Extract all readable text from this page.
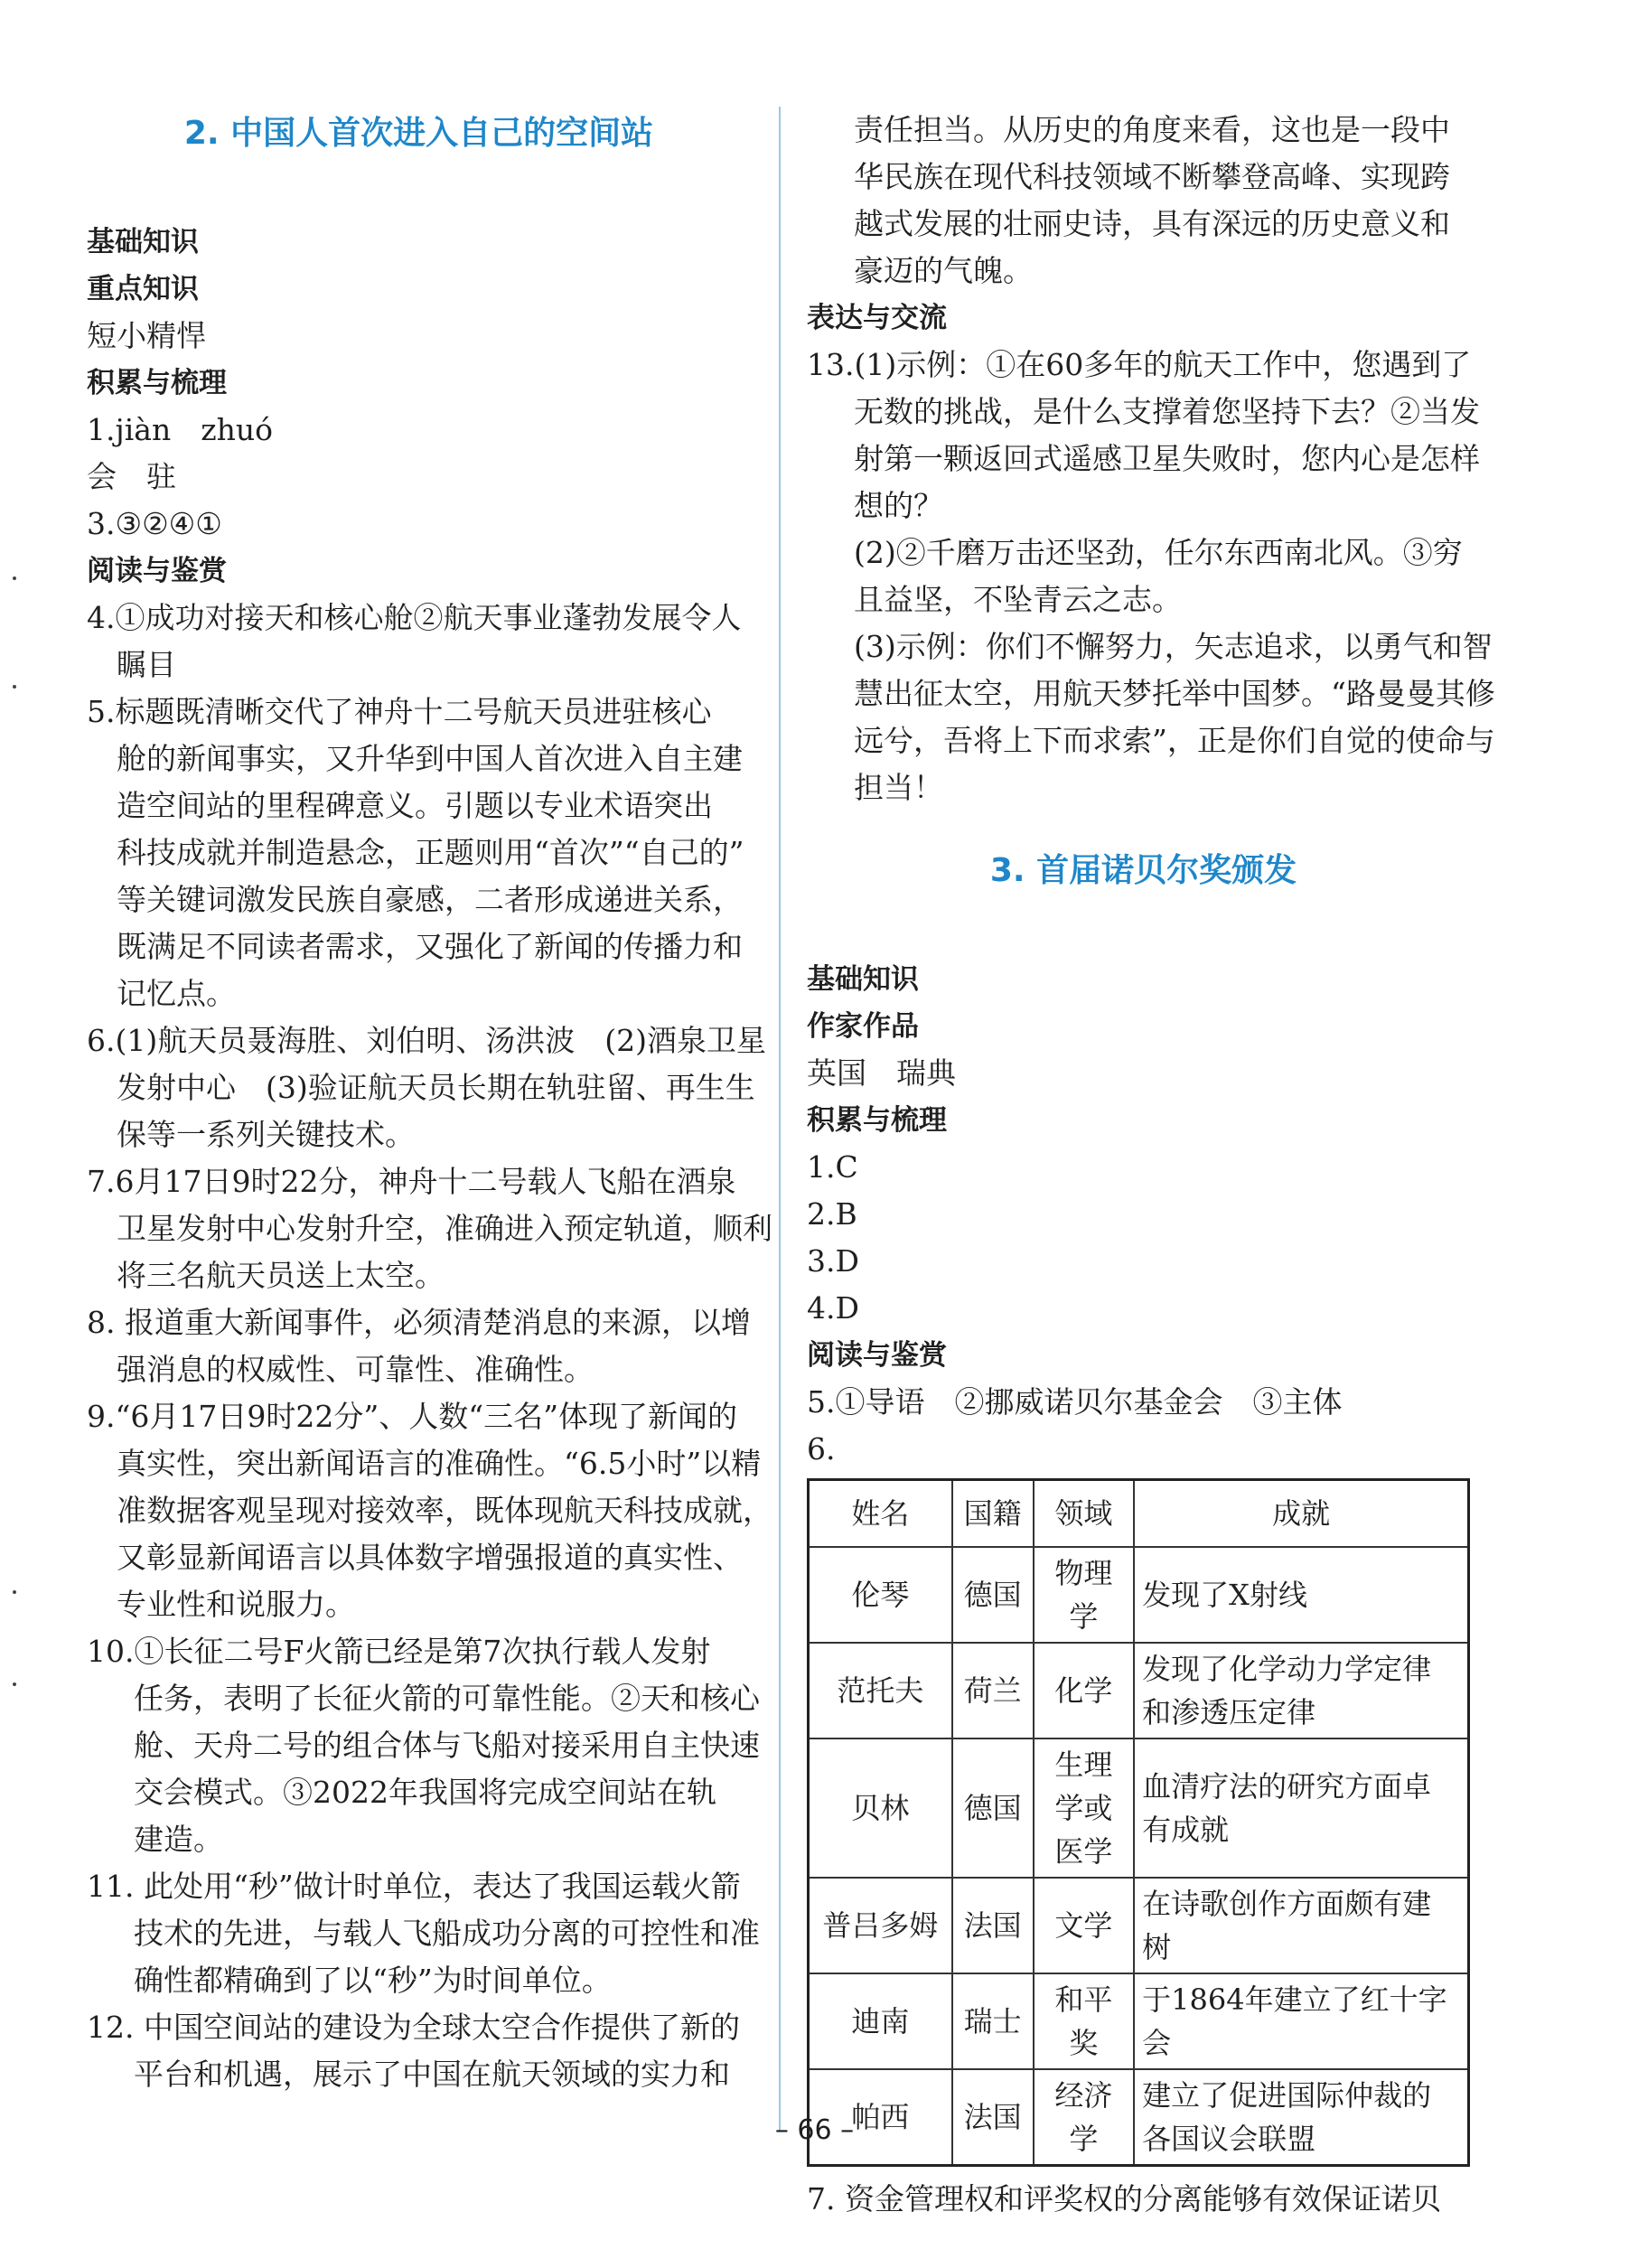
2. 中国人首次进入自己的空间站
基础知识
重点知识
短小精悍
积累与梳理
1.jiàn　zhuó
会　驻
3.③②④①
阅读与鉴赏
4.①成功对接天和核心舱②航天事业蓬勃发展令人
瞩目
5.标题既清晰交代了神舟十二号航天员进驻核心
舱的新闻事实，又升华到中国人首次进入自主建
造空间站的里程碑意义。引题以专业术语突出
科技成就并制造悬念，正题则用“首次”“自己的”
等关键词激发民族自豪感，二者形成递进关系，
既满足不同读者需求，又强化了新闻的传播力和
记忆点。
6.(1)航天员聂海胜、刘伯明、汤洪波　(2)酒泉卫星
发射中心　(3)验证航天员长期在轨驻留、再生生
保等一系列关键技术。
7.6月17日9时22分，神舟十二号载人飞船在酒泉
卫星发射中心发射升空，准确进入预定轨道，顺利
将三名航天员送上太空。
8. 报道重大新闻事件，必须清楚消息的来源，以增
强消息的权威性、可靠性、准确性。
9.“6月17日9时22分”、人数“三名”体现了新闻的
真实性，突出新闻语言的准确性。“6.5小时”以精
准数据客观呈现对接效率，既体现航天科技成就，
又彰显新闻语言以具体数字增强报道的真实性、
专业性和说服力。
10.①长征二号F火箭已经是第7次执行载人发射
任务，表明了长征火箭的可靠性能。②天和核心
舱、天舟二号的组合体与飞船对接采用自主快速
交会模式。③2022年我国将完成空间站在轨
建造。
11. 此处用“秒”做计时单位，表达了我国运载火箭
技术的先进，与载人飞船成功分离的可控性和准
确性都精确到了以“秒”为时间单位。
12. 中国空间站的建设为全球太空合作提供了新的
平台和机遇，展示了中国在航天领域的实力和
责任担当。从历史的角度来看，这也是一段中
华民族在现代科技领域不断攀登高峰、实现跨
越式发展的壮丽史诗，具有深远的历史意义和
豪迈的气魄。
表达与交流
13.(1)示例：①在60多年的航天工作中，您遇到了
无数的挑战，是什么支撑着您坚持下去？②当发
射第一颗返回式遥感卫星失败时，您内心是怎样
想的？
(2)②千磨万击还坚劲，任尔东西南北风。③穷
且益坚，不坠青云之志。
(3)示例：你们不懈努力，矢志追求，以勇气和智
慧出征太空，用航天梦托举中国梦。“路曼曼其修
远兮，吾将上下而求索”，正是你们自觉的使命与
担当！
3. 首届诺贝尔奖颁发
基础知识
作家作品
英国　瑞典
积累与梳理
1.C
2.B
3.D
4.D
阅读与鉴赏
5.①导语　②挪威诺贝尔基金会　③主体
6.
姓名	国籍	领域	成就
伦琴	德国	物理学	发现了X射线
范托夫	荷兰	化学	发现了化学动力学定律和渗透压定律
贝林	德国	生理学或医学	血清疗法的研究方面卓有成就
普吕多姆	法国	文学	在诗歌创作方面颇有建树
迪南	瑞士	和平奖	于1864年建立了红十字会
帕西	法国	经济学	建立了促进国际仲裁的各国议会联盟
7. 资金管理权和评奖权的分离能够有效保证诺贝
– 66 –
